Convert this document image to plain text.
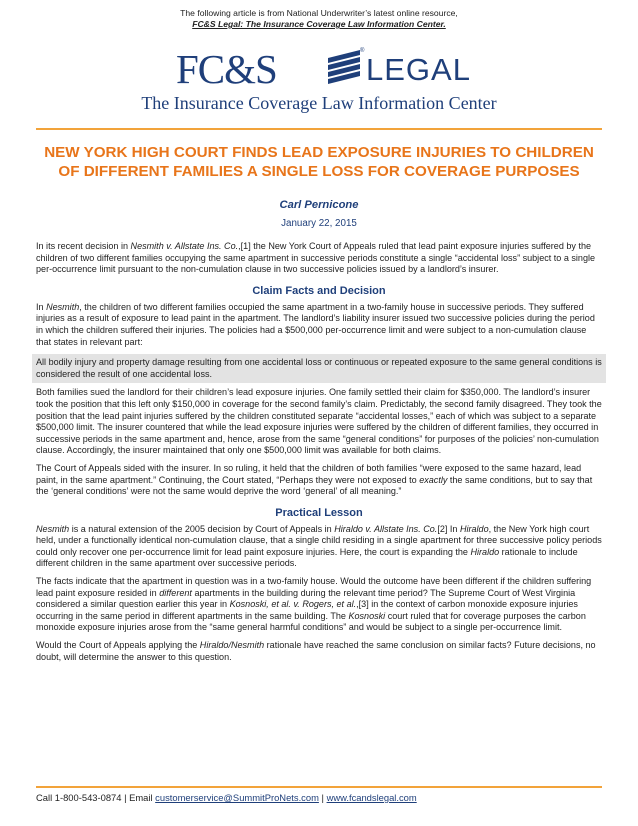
The following article is from National Underwriter’s latest online resource,
FC&S Legal: The Insurance Coverage Law Information Center.
FC&S	®
LEGAL
The Insurance Coverage Law Information Center
NEW YORK HIGH COURT FINDS LEAD EXPOSURE INJURIES TO CHILDREN
OF DIFFERENT FAMILIES A SINGLE LOSS FOR COVERAGE PURPOSES
Carl Pernicone
January 22, 2015

In its recent decision in Nesmith v. Allstate Ins. Co.,[1] the New York Court of Appeals ruled that lead paint exposure injuries suffered by the children of two different families occupying the same apartment in successive periods constitute a single “accidental loss” subject to a single per-occurrence limit pursuant to the non-cumulation clause in two successive policies issued by a landlord’s insurer.

Claim Facts and Decision

In Nesmith, the children of two different families occupied the same apartment in a two-family house in successive periods. They suffered injuries as a result of exposure to lead paint in the apartment. The landlord’s liability insurer issued two successive policies during the period in which the children suffered their injuries. The policies had a $500,000 per-occurrence limit and were subject to a non-cumulation clause that states in relevant part:

All bodily injury and property damage resulting from one accidental loss or continuous or repeated exposure to the same general conditions is considered the result of one accidental loss.

Both families sued the landlord for their children’s lead exposure injuries. One family settled their claim for $350,000. The landlord’s insurer took the position that this left only $150,000 in coverage for the second family’s claim. Predictably, the second family disagreed. They took the position that the lead paint injuries suffered by the children constituted separate “accidental losses,” each of which was subject to a separate $500,000 limit. The insurer countered that while the lead exposure injuries were suffered by the children of different families, they occurred in successive periods in the same apartment and, hence, arose from the same “general conditions” for purposes of the policies’ non-cumulation clause. Accordingly, the insurer maintained that only one $500,000 limit was available for both claims.

The Court of Appeals sided with the insurer. In so ruling, it held that the children of both families “were exposed to the same hazard, lead paint, in the same apartment.” Continuing, the Court stated, “Perhaps they were not exposed to exactly the same conditions, but to say that the ‘general conditions’ were not the same would deprive the word ‘general’ of all meaning.”

Practical Lesson

Nesmith is a natural extension of the 2005 decision by Court of Appeals in Hiraldo v. Allstate Ins. Co.[2] In Hiraldo, the New York high court held, under a functionally identical non-cumulation clause, that a single child residing in a single apartment for three successive policy periods could only recover one per-occurrence limit for lead paint exposure injuries. Here, the court is expanding the Hiraldo rationale to include different children in the same apartment over successive periods.

The facts indicate that the apartment in question was in a two-family house. Would the outcome have been different if the children suffering lead paint exposure resided in different apartments in the building during the relevant time period? The Supreme Court of West Virginia considered a similar question earlier this year in Kosnoski, et al. v. Rogers, et al.,[3] in the context of carbon monoxide exposure injuries occurring in the same period in different apartments in the same building. The Kosnoski court ruled that for coverage purposes the carbon monoxide exposure injuries arose from the “same general harmful conditions” and would be subject to a single per-occurrence limit.

Would the Court of Appeals applying the Hiraldo/Nesmith rationale have reached the same conclusion on similar facts? Future decisions, no doubt, will determine the answer to this question.

Call 1-800-543-0874 | Email customerservice@SummitProNets.com | www.fcandslegal.com
